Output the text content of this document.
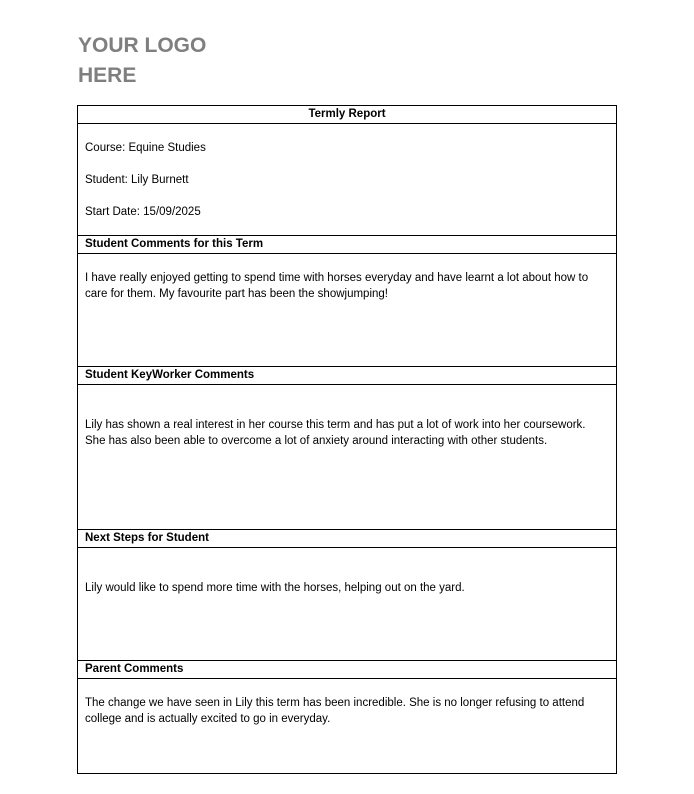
YOUR LOGO
HERE
Termly Report

Course: Equine Studies

Student: Lily Burnett

Start Date: 15/09/2025

Student Comments for this Term

I have really enjoyed getting to spend time with horses everyday and have learnt a lot about how to care for them. My favourite part has been the showjumping!

Student KeyWorker Comments

Lily has shown a real interest in her course this term and has put a lot of work into her coursework. She has also been able to overcome a lot of anxiety around interacting with other students.

Next Steps for Student

Lily would like to spend more time with the horses, helping out on the yard.

Parent Comments

The change we have seen in Lily this term has been incredible. She is no longer refusing to attend college and is actually excited to go in everyday.
